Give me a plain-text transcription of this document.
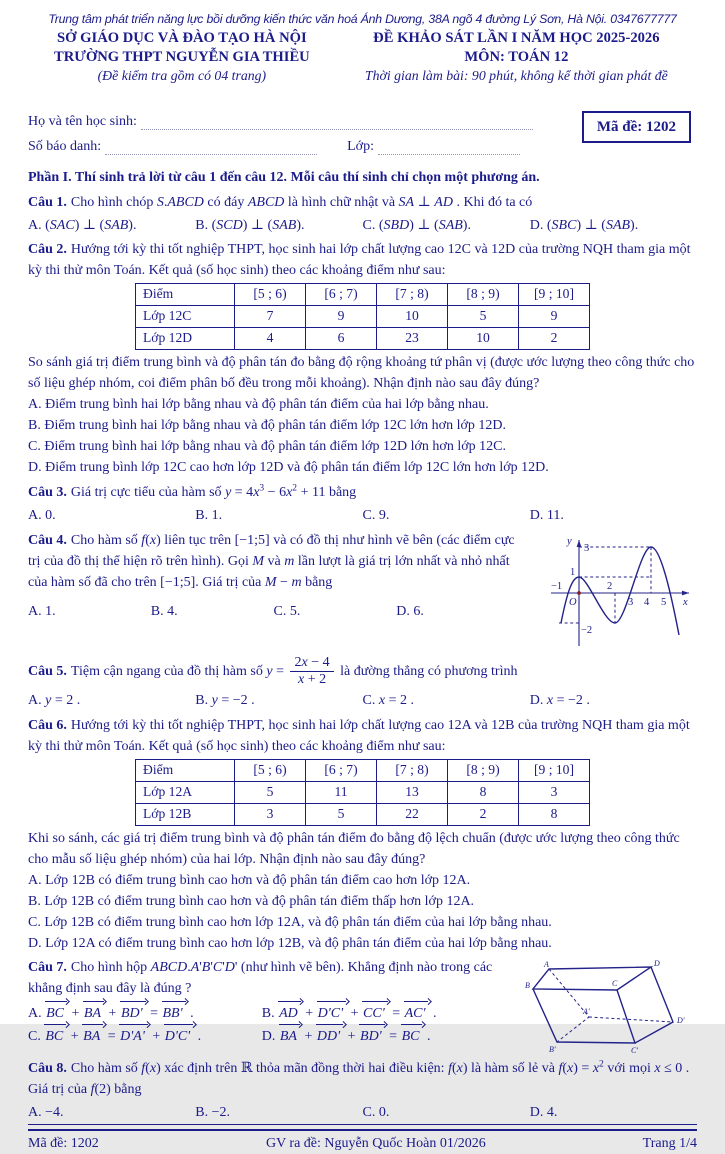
Trung tâm phát triển năng lực bồi dưỡng kiến thức văn hoá Ánh Dương, 38A ngõ 4 đường Lý Sơn, Hà Nội. 0347677777

SỞ GIÁO DỤC VÀ ĐÀO TẠO HÀ NỘI
TRƯỜNG THPT NGUYỄN GIA THIỀU
(Đề kiểm tra gồm có 04 trang)
ĐỀ KHẢO SÁT LẦN I NĂM HỌC 2025-2026
MÔN: TOÁN 12
Thời gian làm bài: 90 phút, không kể thời gian phát đề
Họ và tên học sinh:
Số báo danh:	Lớp:
Mã đề: 1202

Phần I. Thí sinh trả lời từ câu 1 đến câu 12. Mỗi câu thí sinh chỉ chọn một phương án.

Câu 1. Cho hình chóp S.ABCD có đáy ABCD là hình chữ nhật và SA ⊥ AD . Khi đó ta có

A. (SAC) ⊥ (SAB).	B. (SCD) ⊥ (SAB).	C. (SBD) ⊥ (SAB).	D. (SBC) ⊥ (SAB).

Câu 2. Hướng tới kỳ thi tốt nghiệp THPT, học sinh hai lớp chất lượng cao 12C và 12D của trường NQH tham gia một kỳ thi thử môn Toán. Kết quả (số học sinh) theo các khoảng điểm như sau:

Điểm	[5 ; 6)	[6 ; 7)	[7 ; 8)	[8 ; 9)	[9 ; 10]
Lớp 12C	7	9	10	5	9
Lớp 12D	4	6	23	10	2

So sánh giá trị điểm trung bình và độ phân tán đo bằng độ rộng khoảng tứ phân vị (được ước lượng theo công thức cho số liệu ghép nhóm, coi điểm phân bố đều trong mỗi khoảng). Nhận định nào sau đây đúng?

A. Điểm trung bình hai lớp bằng nhau và độ phân tán điểm của hai lớp bằng nhau.
B. Điểm trung bình hai lớp bằng nhau và độ phân tán điểm lớp 12C lớn hơn lớp 12D.
C. Điểm trung bình hai lớp bằng nhau và độ phân tán điểm lớp 12D lớn hơn lớp 12C.
D. Điểm trung bình lớp 12C cao hơn lớp 12D và độ phân tán điểm lớp 12C lớn hơn lớp 12D.

Câu 3. Giá trị cực tiểu của hàm số $y = 4x^3 - 6x^2 + 11$ bằng

A. 0.	B. 1.	C. 9.	D. 11.
y
3
1
−1	2
O	3 4 5 x
−2

Câu 4. Cho hàm số f(x) liên tục trên [−1;5] và có đồ thị như hình vẽ bên (các điểm cực trị của đồ thị thể hiện rõ trên hình). Gọi M và m lần lượt là giá trị lớn nhất và nhỏ nhất của hàm số đã cho trên [−1;5]. Giá trị của M − m bằng

A. 1.	B. 4.	C. 5.	D. 6.

Câu 5. Tiệm cận ngang của đồ thị hàm số $y = \frac{2x - 4}{x + 2}$ là đường thẳng có phương trình

A. y = 2 .	B. y = −2 .	C. x = 2 .	D. x = −2 .

Câu 6. Hướng tới kỳ thi tốt nghiệp THPT, học sinh hai lớp chất lượng cao 12A và 12B của trường NQH tham gia một kỳ thi thử môn Toán. Kết quả (số học sinh) theo các khoảng điểm như sau:

Điểm	[5 ; 6)	[6 ; 7)	[7 ; 8)	[8 ; 9)	[9 ; 10]
Lớp 12A	5	11	13	8	3
Lớp 12B	3	5	22	2	8

Khi so sánh, các giá trị điểm trung bình và độ phân tán điểm đo bằng độ lệch chuẩn (được ước lượng theo công thức cho mẫu số liệu ghép nhóm) của hai lớp. Nhận định nào sau đây đúng?

A. Lớp 12B có điểm trung bình cao hơn và độ phân tán điểm cao hơn lớp 12A.
B. Lớp 12B có điểm trung bình cao hơn và độ phân tán điểm thấp hơn lớp 12A.
C. Lớp 12B có điểm trung bình cao hơn lớp 12A, và độ phân tán điểm của hai lớp bằng nhau.
D. Lớp 12A có điểm trung bình cao hơn lớp 12B, và độ phân tán điểm của hai lớp bằng nhau.
A	D
B	C
A'
D'
B'	C'

Câu 7. Cho hình hộp ABCD.A'B'C'D' (như hình vẽ bên). Khẳng định nào trong các khẳng định sau đây là đúng ?

A. BC + BA + BD' = BB' .	B. AD + D'C' + CC' = AC' .
C. BC + BA = D'A' + D'C' .	D. BA + DD' + BD' = BC .

Câu 8. Cho hàm số f(x) xác định trên ℝ thỏa mãn đồng thời hai điều kiện: f(x) là hàm số lẻ và $f(x) = x^2$ với mọi x ≤ 0 . Giá trị của f(2) bằng

A. −4.	B. −2.	C. 0.	D. 4.
Mã đề: 1202	GV ra đề: Nguyễn Quốc Hoàn 01/2026	Trang 1/4
